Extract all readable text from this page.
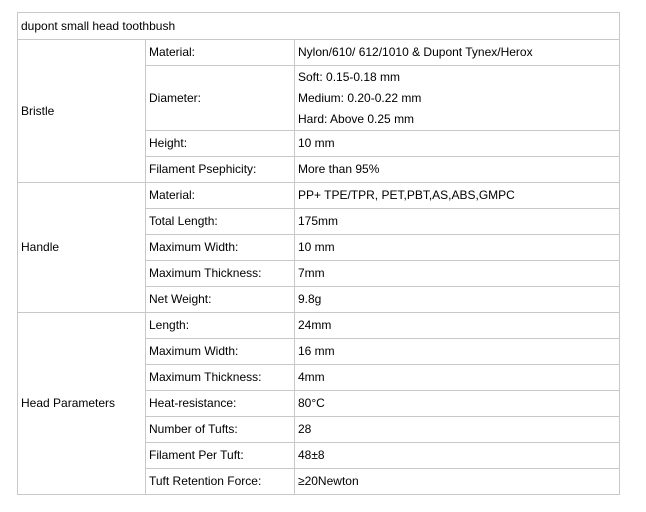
dupont small head toothbush		
Bristle	Material:	Nylon/610/ 612/1010 & Dupont Tynex/Herox
	Diameter:	Soft: 0.15-0.18 mm
Medium: 0.20-0.22 mm
Hard: Above 0.25 mm

	Height:	10 mm
	Filament Psephicity:	More than 95%
Handle	Material:	PP+ TPE/TPR, PET,PBT,AS,ABS,GMPC
	Total Length:	175mm
	Maximum Width:	10 mm
	Maximum Thickness:	7mm
	Net Weight:	9.8g
Head Parameters	Length:	24mm
	Maximum Width:	16 mm
	Maximum Thickness:	4mm
	Heat-resistance:	80°C
	Number of Tufts:	28
	Filament Per Tuft:	48±8
	Tuft Retention Force:	≥20Newton
